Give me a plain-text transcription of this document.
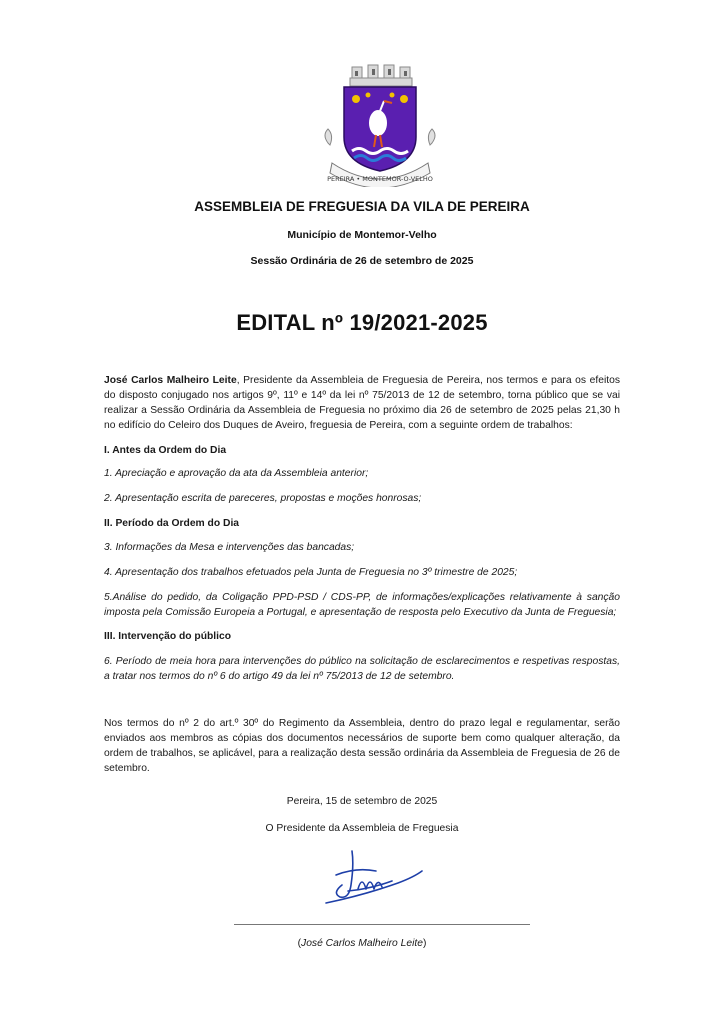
PEREIRA • MONTEMOR-O-VELHO
ASSEMBLEIA DE FREGUESIA DA VILA DE PEREIRA
Município de Montemor-Velho
Sessão Ordinária de 26 de setembro de 2025
EDITAL nº 19/2021-2025
José Carlos Malheiro Leite, Presidente da Assembleia de Freguesia de Pereira, nos termos e para os efeitos do disposto conjugado nos artigos 9º, 11º e 14º da lei nº 75/2013 de 12 de setembro, torna público que se vai realizar a Sessão Ordinária da Assembleia de Freguesia no próximo dia 26 de setembro de 2025 pelas 21,30 h no edifício do Celeiro dos Duques de Aveiro, freguesia de Pereira, com a seguinte ordem de trabalhos:
I. Antes da Ordem do Dia
1. Apreciação e aprovação da ata da Assembleia anterior;
2. Apresentação escrita de pareceres, propostas e moções honrosas;
II. Período da Ordem do Dia
3. Informações da Mesa e intervenções das bancadas;
4. Apresentação dos trabalhos efetuados pela Junta de Freguesia no 3º trimestre de 2025;
5.Análise do pedido, da Coligação PPD-PSD / CDS-PP, de informações/explicações relativamente à sanção imposta pela Comissão Europeia a Portugal, e apresentação de resposta pelo Executivo da Junta de Freguesia;
III. Intervenção do público
6. Período de meia hora para intervenções do público na solicitação de esclarecimentos e respetivas respostas, a tratar nos termos do nº 6 do artigo 49 da lei nº 75/2013 de 12 de setembro.
Nos termos do nº 2 do art.º 30º do Regimento da Assembleia, dentro do prazo legal e regulamentar, serão enviados aos membros as cópias dos documentos necessários de suporte bem como qualquer alteração, da ordem de trabalhos, se aplicável, para a realização desta sessão ordinária da Assembleia de Freguesia de 26 de setembro.
Pereira, 15 de setembro de 2025
O Presidente da Assembleia de Freguesia
(José Carlos Malheiro Leite)
